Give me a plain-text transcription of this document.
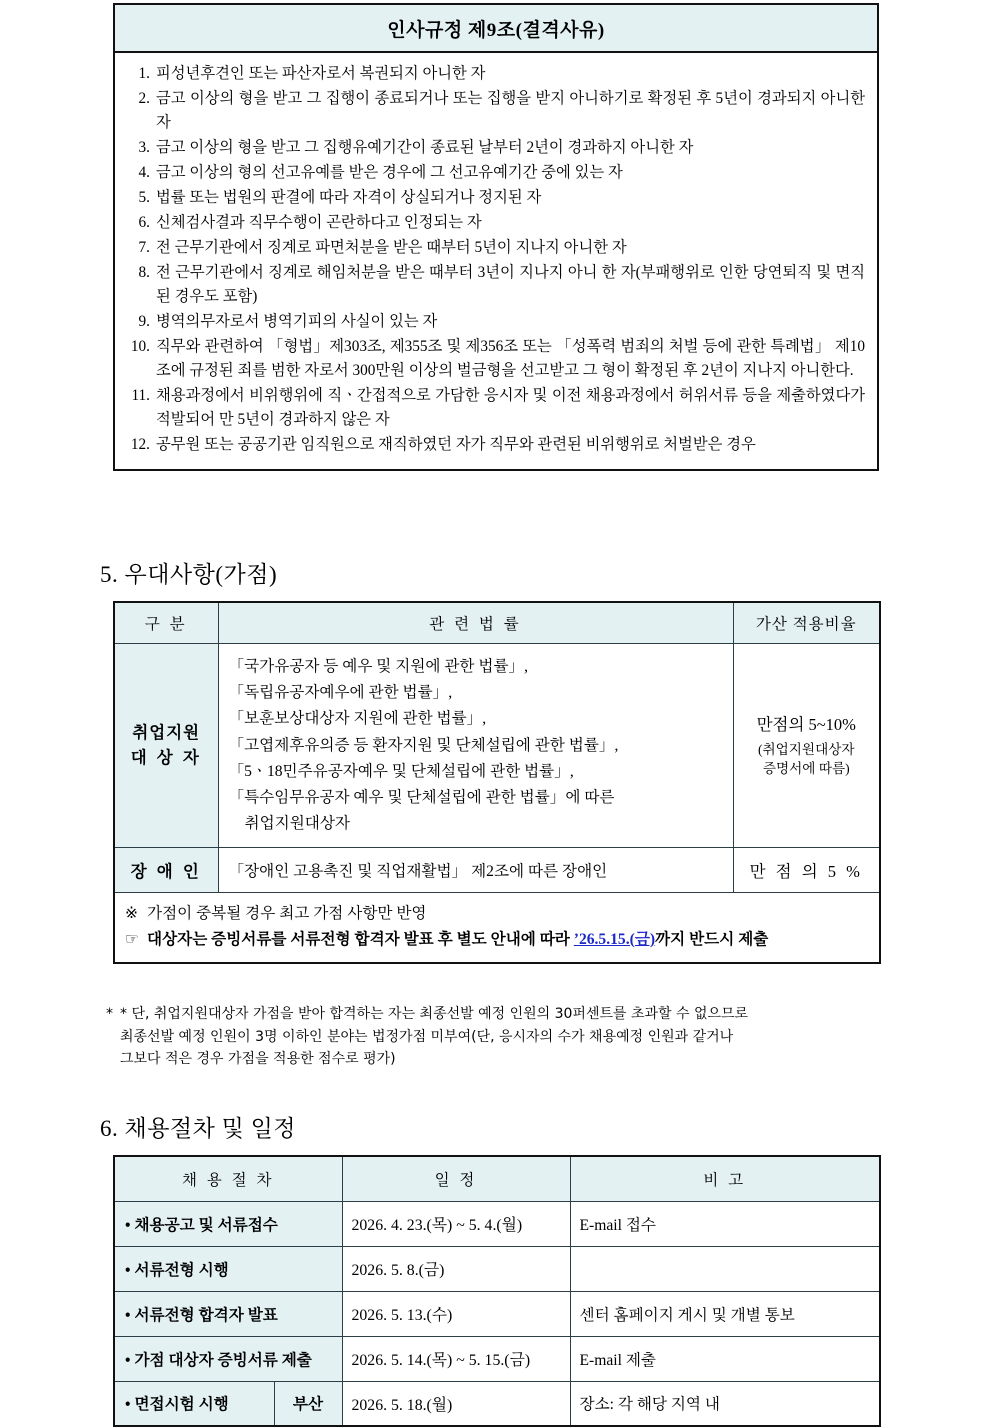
인사규정 제9조(결격사유)
1. 피성년후견인 또는 파산자로서 복권되지 아니한 자
2. 금고 이상의 형을 받고 그 집행이 종료되거나 또는 집행을 받지 아니하기로 확정된 후 5년이 경과되지 아니한 자
3. 금고 이상의 형을 받고 그 집행유예기간이 종료된 날부터 2년이 경과하지 아니한 자
4. 금고 이상의 형의 선고유예를 받은 경우에 그 선고유예기간 중에 있는 자
5. 법률 또는 법원의 판결에 따라 자격이 상실되거나 정지된 자
6. 신체검사결과 직무수행이 곤란하다고 인정되는 자
7. 전 근무기관에서 징계로 파면처분을 받은 때부터 5년이 지나지 아니한 자
8. 전 근무기관에서 징계로 해임처분을 받은 때부터 3년이 지나지 아니 한 자(부패행위로 인한 당연퇴직 및 면직된 경우도 포함)
9. 병역의무자로서 병역기피의 사실이 있는 자
10. 직무와 관련하여 「형법」제303조, 제355조 및 제356조 또는 「성폭력 범죄의 처벌 등에 관한 특례법」 제10조에 규정된 죄를 범한 자로서 300만원 이상의 벌금형을 선고받고 그 형이 확정된 후 2년이 지나지 아니한다.
11. 채용과정에서 비위행위에 직ㆍ간접적으로 가담한 응시자 및 이전 채용과정에서 허위서류 등을 제출하였다가 적발되어 만 5년이 경과하지 않은 자
12. 공무원 또는 공공기관 임직원으로 재직하였던 자가 직무와 관련된 비위행위로 처벌받은 경우
5. 우대사항(가점)
구 분	관 련 법 률	가산 적용비율

취업지원
대 상 자

「국가유공자 등 예우 및 지원에 관한 법률」,
「독립유공자예우에 관한 법률」,
「보훈보상대상자 지원에 관한 법률」,
「고엽제후유의증 등 환자지원 및 단체설립에 관한 법률」,
「5ㆍ18민주유공자예우 및 단체설립에 관한 법률」,
「특수임무유공자 예우 및 단체설립에 관한 법률」에 따른
취업지원대상자

만점의 5~10%
(취업지원대상자
증명서에 따름)

장 애 인	「장애인 고용촉진 및 직업재활법」 제2조에 따른 장애인	만 점 의 5 %

※ 가점이 중복될 경우 최고 가점 사항만 반영
☞ 대상자는 증빙서류를 서류전형 합격자 발표 후 별도 안내에 따라 ’26.5.15.(금)까지 반드시 제출		
* * 단, 취업지원대상자 가점을 받아 합격하는 자는 최종선발 예정 인원의 30퍼센트를 초과할 수 없으므로
최종선발 예정 인원이 3명 이하인 분야는 법정가점 미부여(단, 응시자의 수가 채용예정 인원과 같거나
그보다 적은 경우 가점을 적용한 점수로 평가)
6. 채용절차 및 일정
채 용 절 차		일 정	비 고
• 채용공고 및 서류접수		2026. 4. 23.(목) ~ 5. 4.(월)	E-mail 접수
• 서류전형 시행		2026. 5. 8.(금)	
• 서류전형 합격자 발표		2026. 5. 13.(수)	센터 홈페이지 게시 및 개별 통보
• 가점 대상자 증빙서류 제출		2026. 5. 14.(목) ~ 5. 15.(금)	E-mail 제출
• 면접시험 시행	부산	2026. 5. 18.(월)	장소: 각 해당 지역 내
